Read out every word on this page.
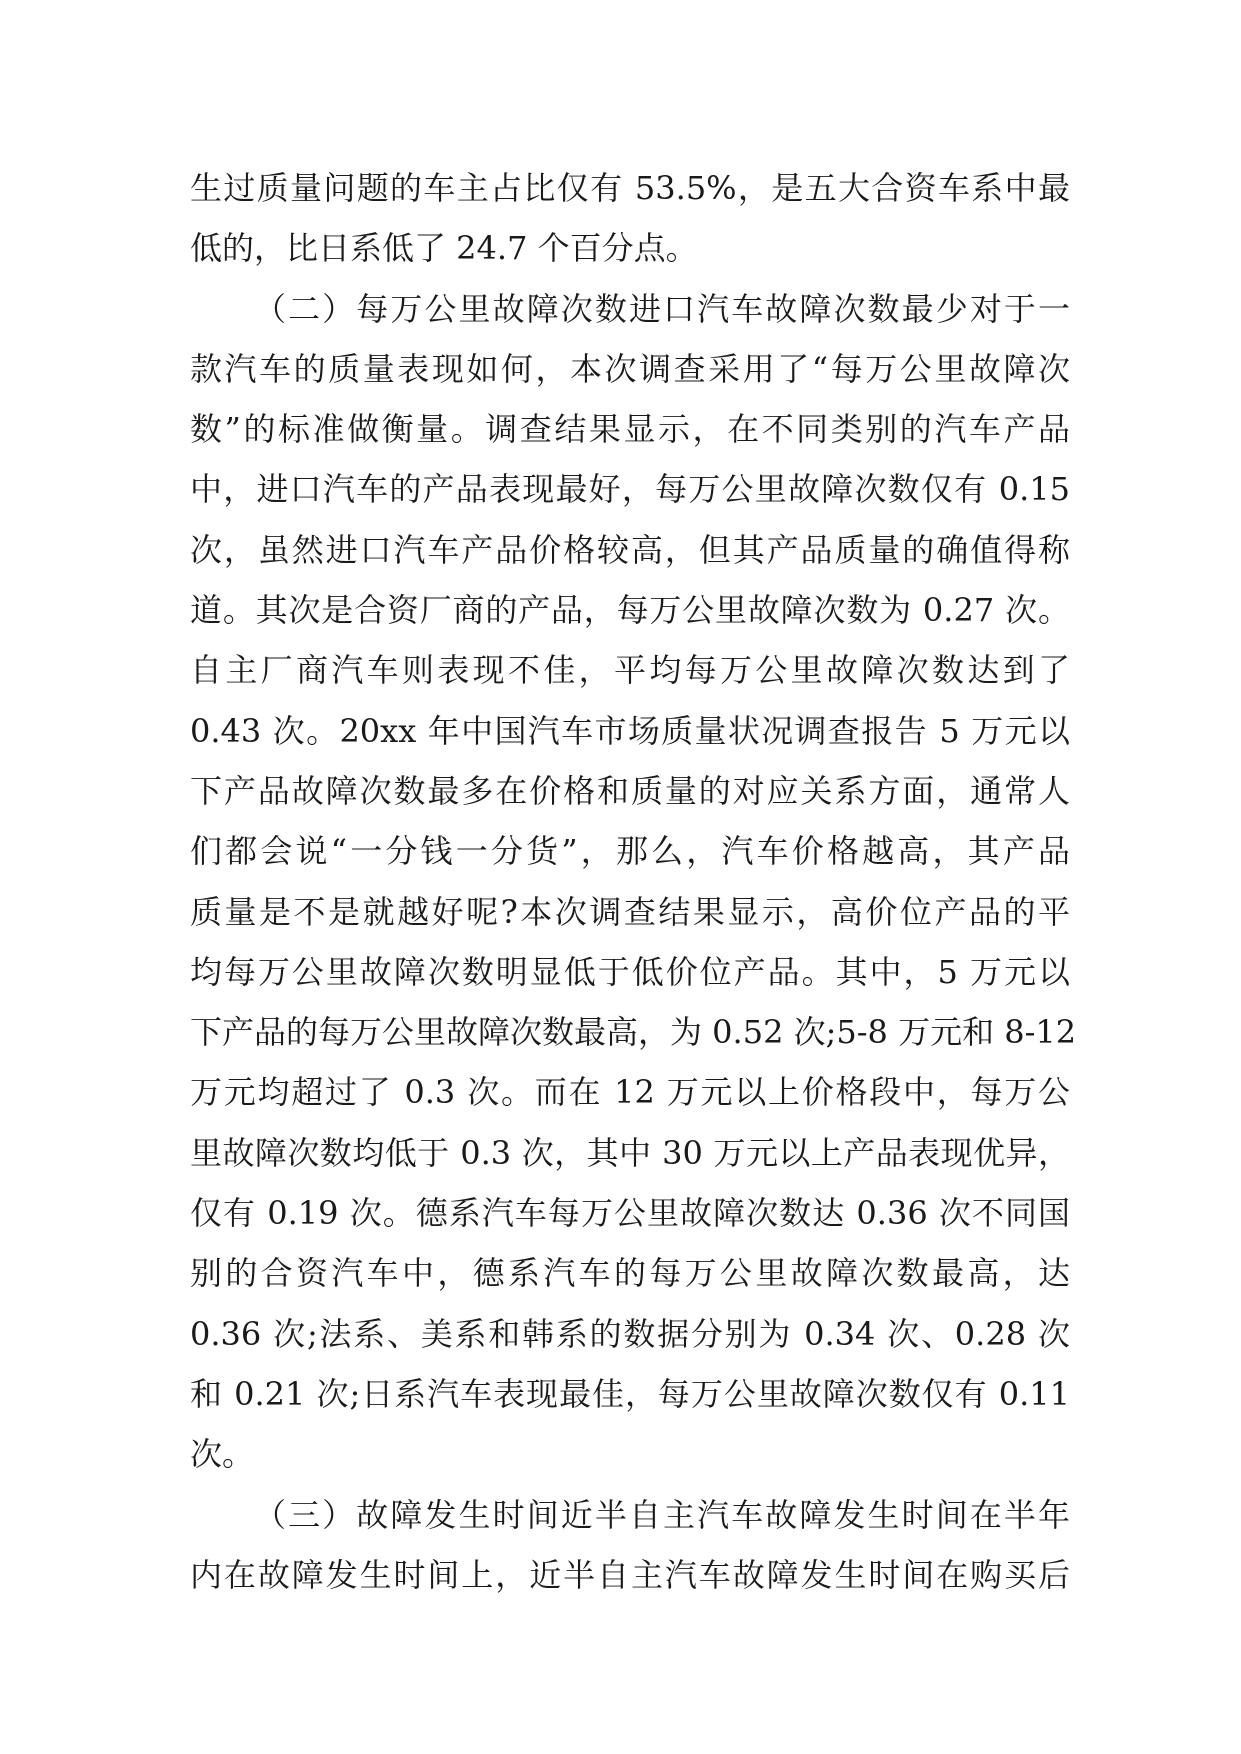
生过质量问题的车主占比仅有 53.5%，是五大合资车系中最
低的，比日系低了 24.7 个百分点。
（二）每万公里故障次数进口汽车故障次数最少对于一
款汽车的质量表现如何，本次调查采用了“每万公里故障次
数”的标准做衡量。调查结果显示，在不同类别的汽车产品
中，进口汽车的产品表现最好，每万公里故障次数仅有 0.15
次，虽然进口汽车产品价格较高，但其产品质量的确值得称
道。其次是合资厂商的产品，每万公里故障次数为 0.27 次。
自主厂商汽车则表现不佳，平均每万公里故障次数达到了
0.43 次。20xx 年中国汽车市场质量状况调查报告 5 万元以
下产品故障次数最多在价格和质量的对应关系方面，通常人
们都会说“一分钱一分货”，那么，汽车价格越高，其产品
质量是不是就越好呢?本次调查结果显示，高价位产品的平
均每万公里故障次数明显低于低价位产品。其中，5 万元以
下产品的每万公里故障次数最高，为 0.52 次;5-8 万元和 8-12
万元均超过了 0.3 次。而在 12 万元以上价格段中，每万公
里故障次数均低于 0.3 次，其中 30 万元以上产品表现优异，
仅有 0.19 次。德系汽车每万公里故障次数达 0.36 次不同国
别的合资汽车中，德系汽车的每万公里故障次数最高，达
0.36 次;法系、美系和韩系的数据分别为 0.34 次、0.28 次
和 0.21 次;日系汽车表现最佳，每万公里故障次数仅有 0.11
次。
（三）故障发生时间近半自主汽车故障发生时间在半年
内在故障发生时间上，近半自主汽车故障发生时间在购买后
